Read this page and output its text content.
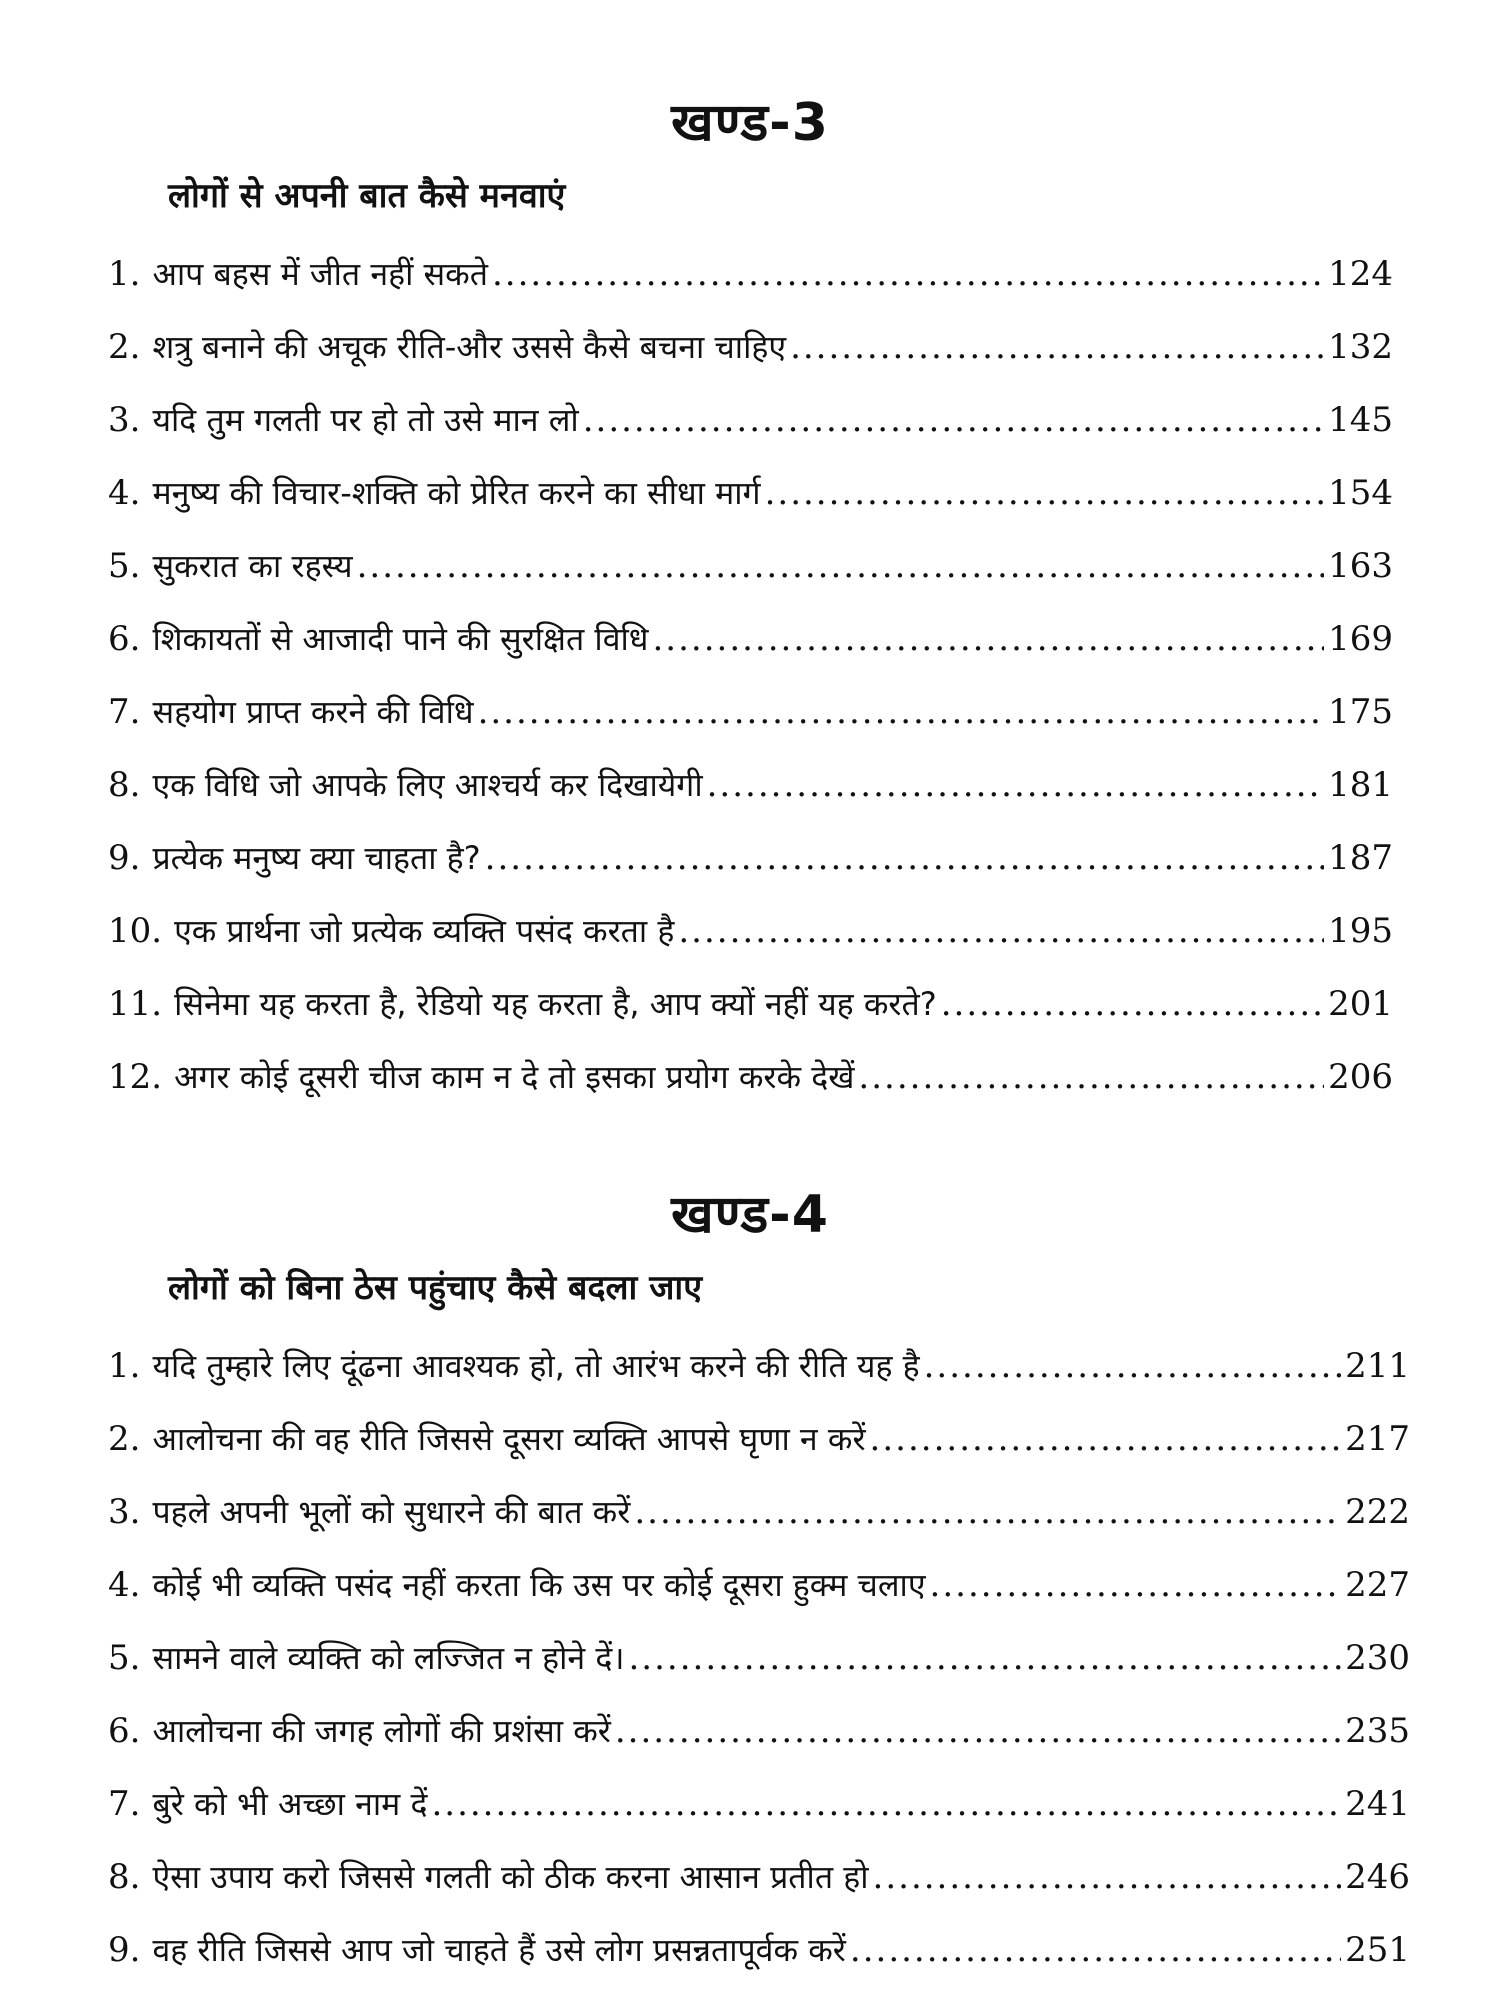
खण्ड-3
लोगों से अपनी बात कैसे मनवाएं
1. आप बहस में जीत नहीं सकते .....	124
2. शत्रु बनाने की अचूक रीति-और उससे कैसे बचना चाहिए .....	132
3. यदि तुम गलती पर हो तो उसे मान लो .....	145
4. मनुष्य की विचार-शक्ति को प्रेरित करने का सीधा मार्ग .....	154
5. सुकरात का रहस्य .....	163
6. शिकायतों से आजादी पाने की सुरक्षित विधि .....	169
7. सहयोग प्राप्त करने की विधि .....	175
8. एक विधि जो आपके लिए आश्चर्य कर दिखायेगी .....	181
9. प्रत्येक मनुष्य क्या चाहता है? .....	187
10. एक प्रार्थना जो प्रत्येक व्यक्ति पसंद करता है .....	195
11. सिनेमा यह करता है, रेडियो यह करता है, आप क्यों नहीं यह करते? .....	201
12. अगर कोई दूसरी चीज काम न दे तो इसका प्रयोग करके देखें .....	206
खण्ड-4
लोगों को बिना ठेस पहुंचाए कैसे बदला जाए
1. यदि तुम्हारे लिए दूंढना आवश्यक हो, तो आरंभ करने की रीति यह है .....	211
2. आलोचना की वह रीति जिससे दूसरा व्यक्ति आपसे घृणा न करें .....	217
3. पहले अपनी भूलों को सुधारने की बात करें .....	222
4. कोई भी व्यक्ति पसंद नहीं करता कि उस पर कोई दूसरा हुक्म चलाए .....	227
5. सामने वाले व्यक्ति को लज्जित न होने दें। .....	230
6. आलोचना की जगह लोगों की प्रशंसा करें .....	235
7. बुरे को भी अच्छा नाम दें .....	241
8. ऐसा उपाय करो जिससे गलती को ठीक करना आसान प्रतीत हो .....	246
9. वह रीति जिससे आप जो चाहते हैं उसे लोग प्रसन्नतापूर्वक करें .....	251
